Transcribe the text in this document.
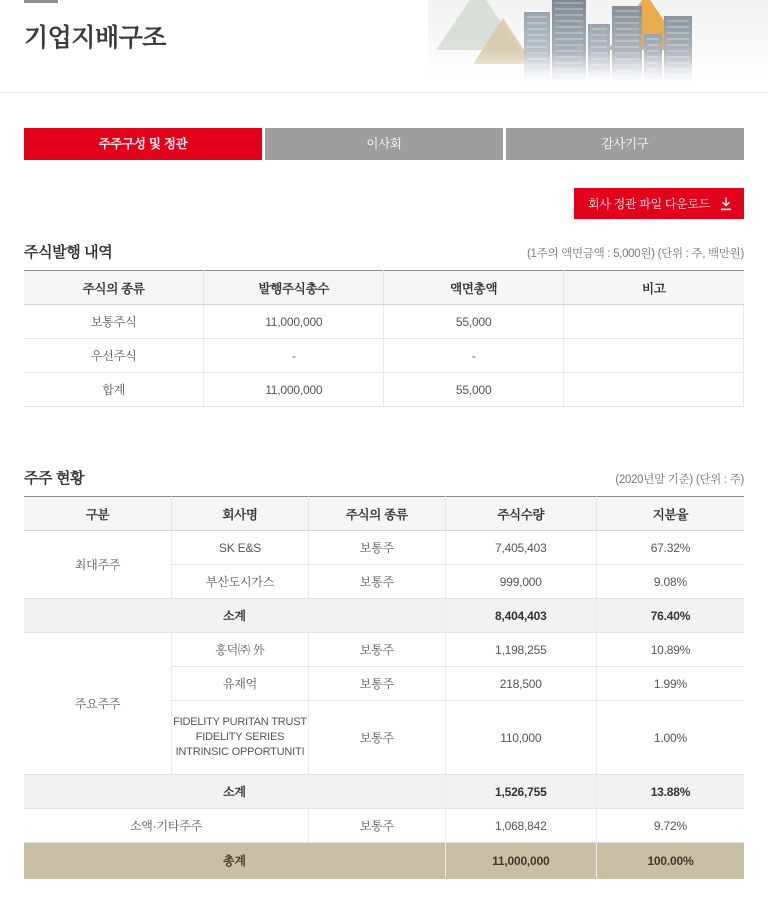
기업지배구조
주주구성 및 정관	이사회	감사기구
회사 정관 파일 다운로드
주식발행 내역	(1주의 액면금액 : 5,000원) (단위 : 주, 백만원)
주식의 종류	발행주식총수	액면총액	비고
보통주식	11,000,000	55,000	
우선주식	-	-	
합계	11,000,000	55,000	
주주 현황	(2020년말 기준) (단위 : 주)
구분	회사명	주식의 종류	주식수량	지분율
최대주주	SK E&S	보통주	7,405,403	67.32%
	부산도시가스	보통주	999,000	9.08%
소계			8,404,403	76.40%
주요주주	홍덕㈜ 外	보통주	1,198,255	10.89%
	유재억	보통주	218,500	1.99%
	FIDELITY PURITAN TRUST FIDELITY SERIES INTRINSIC OPPORTUNITI	보통주	110,000	1.00%
소계			1,526,755	13.88%
소액·기타주주		보통주	1,068,842	9.72%
총계			11,000,000	100.00%
